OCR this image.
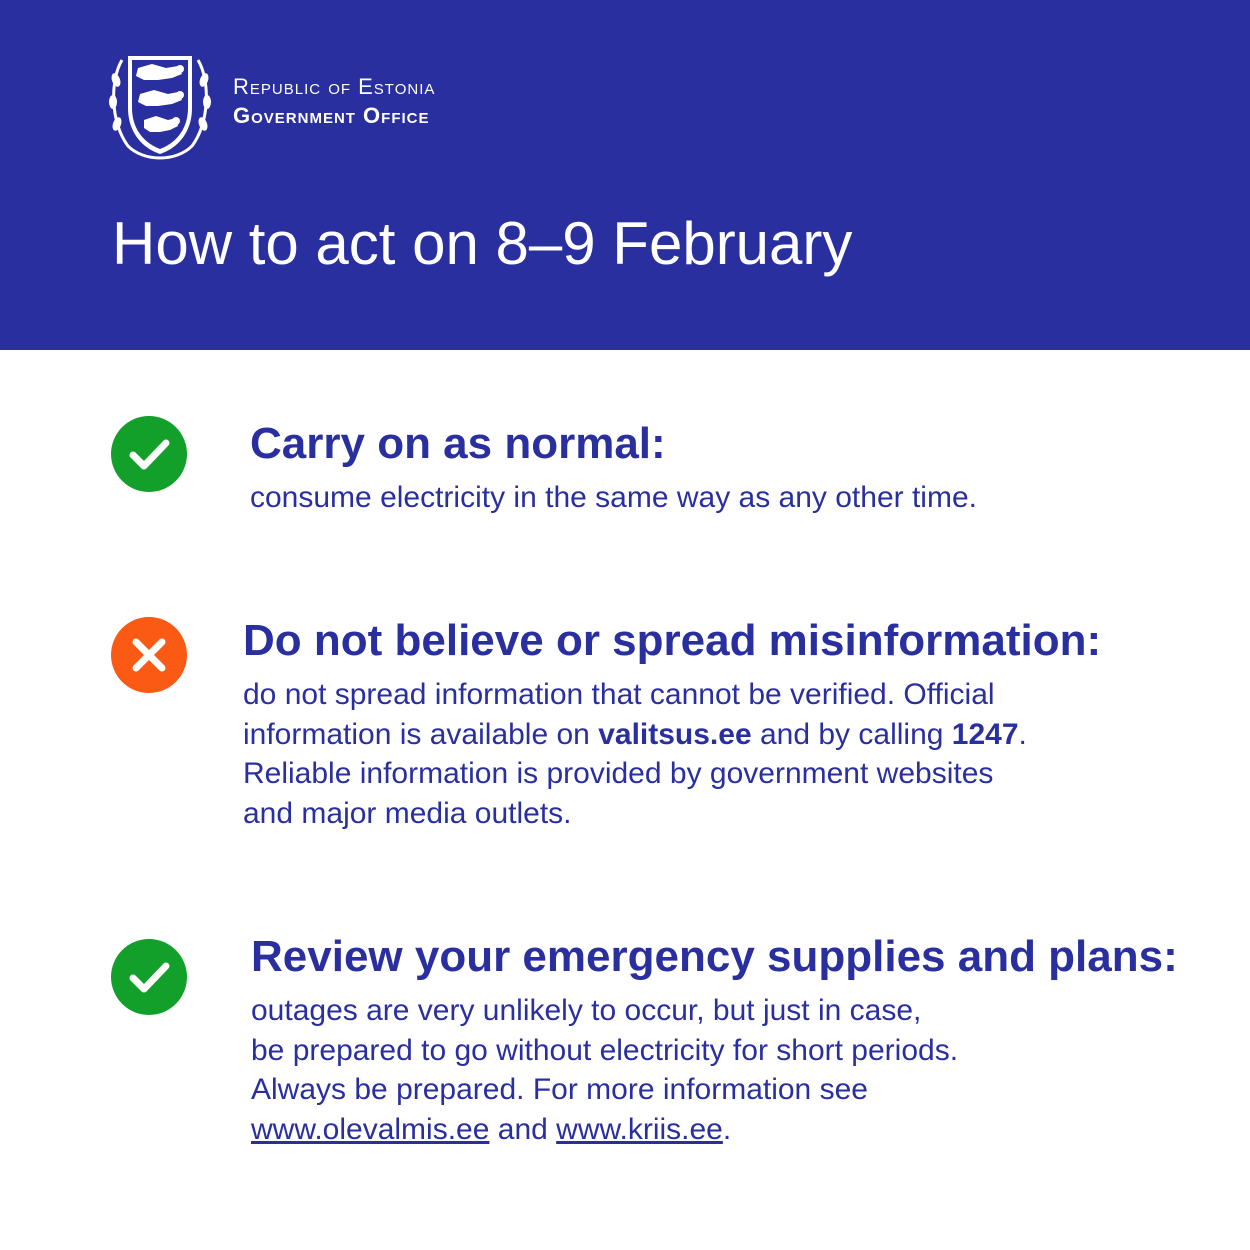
Republic of Estonia
Government Office
How to act on 8–9 February
Carry on as normal:

consume electricity in the same way as any other time.

Do not believe or spread misinformation:

do not spread information that cannot be verified. Official
information is available on valitsus.ee and by calling 1247.
Reliable information is provided by government websites
and major media outlets.

Review your emergency supplies and plans:

outages are very unlikely to occur, but just in case,
be prepared to go without electricity for short periods.
Always be prepared. For more information see
www.olevalmis.ee and www.kriis.ee.
